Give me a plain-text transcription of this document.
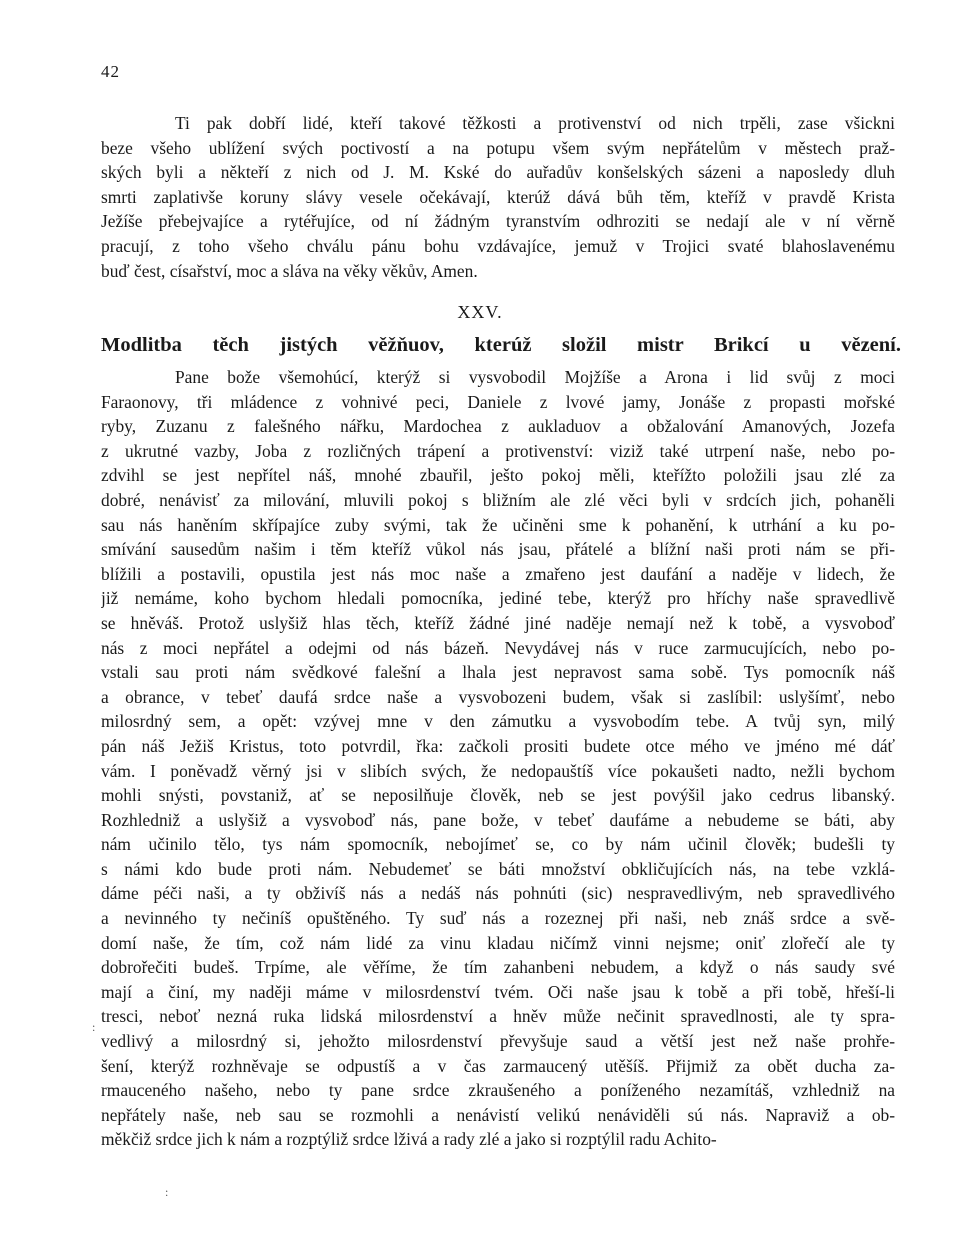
42
Ti pak dobří lidé, kteří takové těžkosti a protivenství od nich trpěli, zase všickni
beze všeho ublížení svých poctivostí a na potupu všem svým nepřátelům v městech praž-
ských byli a někteří z nich od J. M. Kské do auřadův konšelských sázeni a naposledy dluh
smrti zaplativše koruny slávy vesele očekávají, kterúž dává bůh těm, kteříž v pravdě Krista
Ježíše přebejvajíce a rytéřujíce, od ní žádným tyranstvím odhroziti se nedají ale v ní věrně
pracují, z toho všeho chválu pánu bohu vzdávajíce, jemuž v Trojici svaté blahoslavenému
buď čest, císařství, moc a sláva na věky věkův, Amen.
XXV.
Modlitba těch jistých věžňuov, kterúž složil mistr Brikcí u vězení.
Pane bože všemohúcí, kterýž si vysvobodil Mojžíše a Arona i lid svůj z moci
Faraonovy, tři mládence z vohnivé peci, Daniele z lvové jamy, Jonáše z propasti mořské
ryby, Zuzanu z falešného nářku, Mardochea z aukladuov a obžalování Amanových, Jozefa
z ukrutné vazby, Joba z rozličných trápení a protivenství: viziž také utrpení naše, nebo po-
zdvihl se jest nepřítel náš, mnohé zbauřil, ješto pokoj měli, kteřížto položili jsau zlé za
dobré, nenávisť za milování, mluvili pokoj s bližním ale zlé věci byli v srdcích jich, pohaněli
sau nás haněním skřípajíce zuby svými, tak že učiněni sme k pohanění, k utrhání a ku po-
smívání sausedům našim i těm kteříž vůkol nás jsau, přátelé a blížní naši proti nám se při-
blížili a postavili, opustila jest nás moc naše a zmařeno jest daufání a naděje v lidech, že
již nemáme, koho bychom hledali pomocníka, jediné tebe, kterýž pro hříchy naše spravedlivě
se hněváš. Protož uslyšiž hlas těch, kteříž žádné jiné naděje nemají než k tobě, a vysvoboď
nás z moci nepřátel a odejmi od nás bázeň. Nevydávej nás v ruce zarmucujících, nebo po-
vstali sau proti nám svědkové falešní a lhala jest nepravost sama sobě. Tys pomocník náš
a obrance, v tebeť daufá srdce naše a vysvobozeni budem, však si zaslíbil: uslyšímť, nebo
milosrdný sem, a opět: vzývej mne v den zámutku a vysvobodím tebe. A tvůj syn, milý
pán náš Ježiš Kristus, toto potvrdil, řka: začkoli prositi budete otce mého ve jméno mé dáť
vám. I poněvadž věrný jsi v slibích svých, že nedopauštíš více pokaušeti nadto, nežli bychom
mohli snýsti, povstaniž, ať se neposilňuje člověk, neb se jest povýšil jako cedrus libanský.
Rozhledniž a uslyšiž a vysvoboď nás, pane bože, v tebeť daufáme a nebudeme se báti, aby
nám učinilo tělo, tys nám spomocník, nebojímeť se, co by nám učinil člověk; budešli ty
s námi kdo bude proti nám. Nebudemeť se báti množství obkličujících nás, na tebe vzklá-
dáme péči naši, a ty obživíš nás a nedáš nás pohnúti (sic) nespravedlivým, neb spravedlivého
a nevinného ty nečiníš opuštěného. Ty suď nás a rozeznej při naši, neb znáš srdce a svě-
domí naše, že tím, což nám lidé za vinu kladau ničímž vinni nejsme; oniť zlořečí ale ty
dobrořečiti budeš. Trpíme, ale věříme, že tím zahanbeni nebudem, a když o nás saudy své
mají a činí, my naději máme v milosrdenství tvém. Oči naše jsau k tobě a při tobě, hřeší-li
tresci, neboť nezná ruka lidská milosrdenství a hněv může nečinit spravedlnosti, ale ty spra-
vedlivý a milosrdný si, jehožto milosrdenství převyšuje saud a větší jest než naše prohře-
šení, kterýž rozhněvaje se odpustíš a v čas zarmaucený utěšíš. Přijmiž za obět ducha za-
rmauceného našeho, nebo ty pane srdce zkraušeného a poníženého nezamítáš, vzhledniž na
nepřátely naše, neb sau se rozmohli a nenávistí velikú nenáviděli sú nás. Napraviž a ob-
měkčiž srdce jich k nám a rozptýliž srdce lživá a rady zlé a jako si rozptýlil radu Achito-
:
:
